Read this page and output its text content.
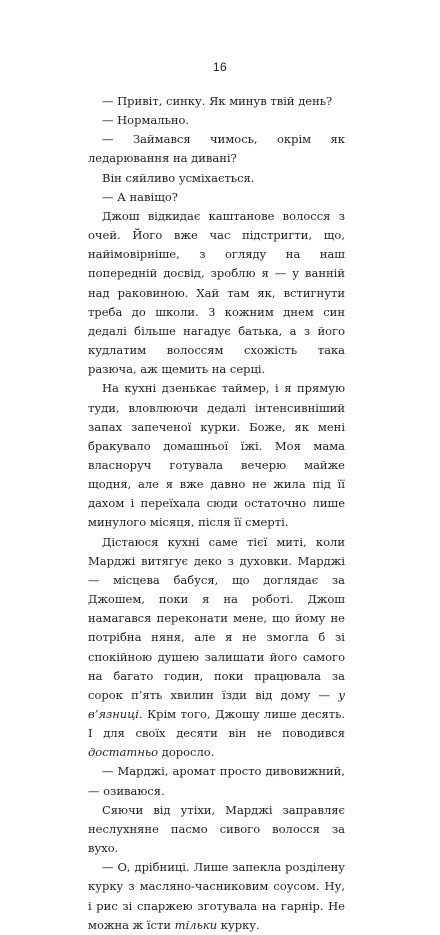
16

— Привіт, синку. Як минув твій день?

— Нормально.

— Займався чимось, окрім як ледарювання на дивані?

Він сяйливо усміхається.

— А навіщо?

Джош відкидає каштанове волосся з очей. Його вже час підстригти, що, найімовірніше, з огляду на наш попередній досвід, зроблю я — у ванній над раковиною. Хай там як, встигнути треба до школи. З кожним днем син дедалі більше нагадує батька, а з його кудлатим волоссям схожість така разюча, аж щемить на серці.

На кухні дзенькає таймер, і я прямую туди, вловлюючи дедалі інтенсивніший запах запеченої курки. Боже, як мені бракувало домашньої їжі. Моя мама власноруч готувала вечерю майже щодня, але я вже давно не жила під її дахом і переїхала сюди остаточно лише минулого місяця, після її смерті.

Дістаюся кухні саме тієї миті, коли Марджі витягує деко з духовки. Марджі — місцева бабуся, що доглядає за Джошем, поки я на роботі. Джош намагався переконати мене, що йому не потрібна няня, але я не змогла б зі спокійною душею залишати його самого на багато годин, поки працювала за сорок п’ять хвилин їзди від дому — у в’язниці. Крім того, Джошу лише десять. І для своїх десяти він не поводився достатньо доросло.

— Марджі, аромат просто дивовижний, — озиваюся.

Сяючи від утіхи, Марджі заправляє неслухняне пасмо сивого волосся за вухо.

— О, дрібниці. Лише запекла розділену курку з масляно-часниковим соусом. Ну, і рис зі спаржею зготувала на гарнір. Не можна ж їсти тільки курку.
